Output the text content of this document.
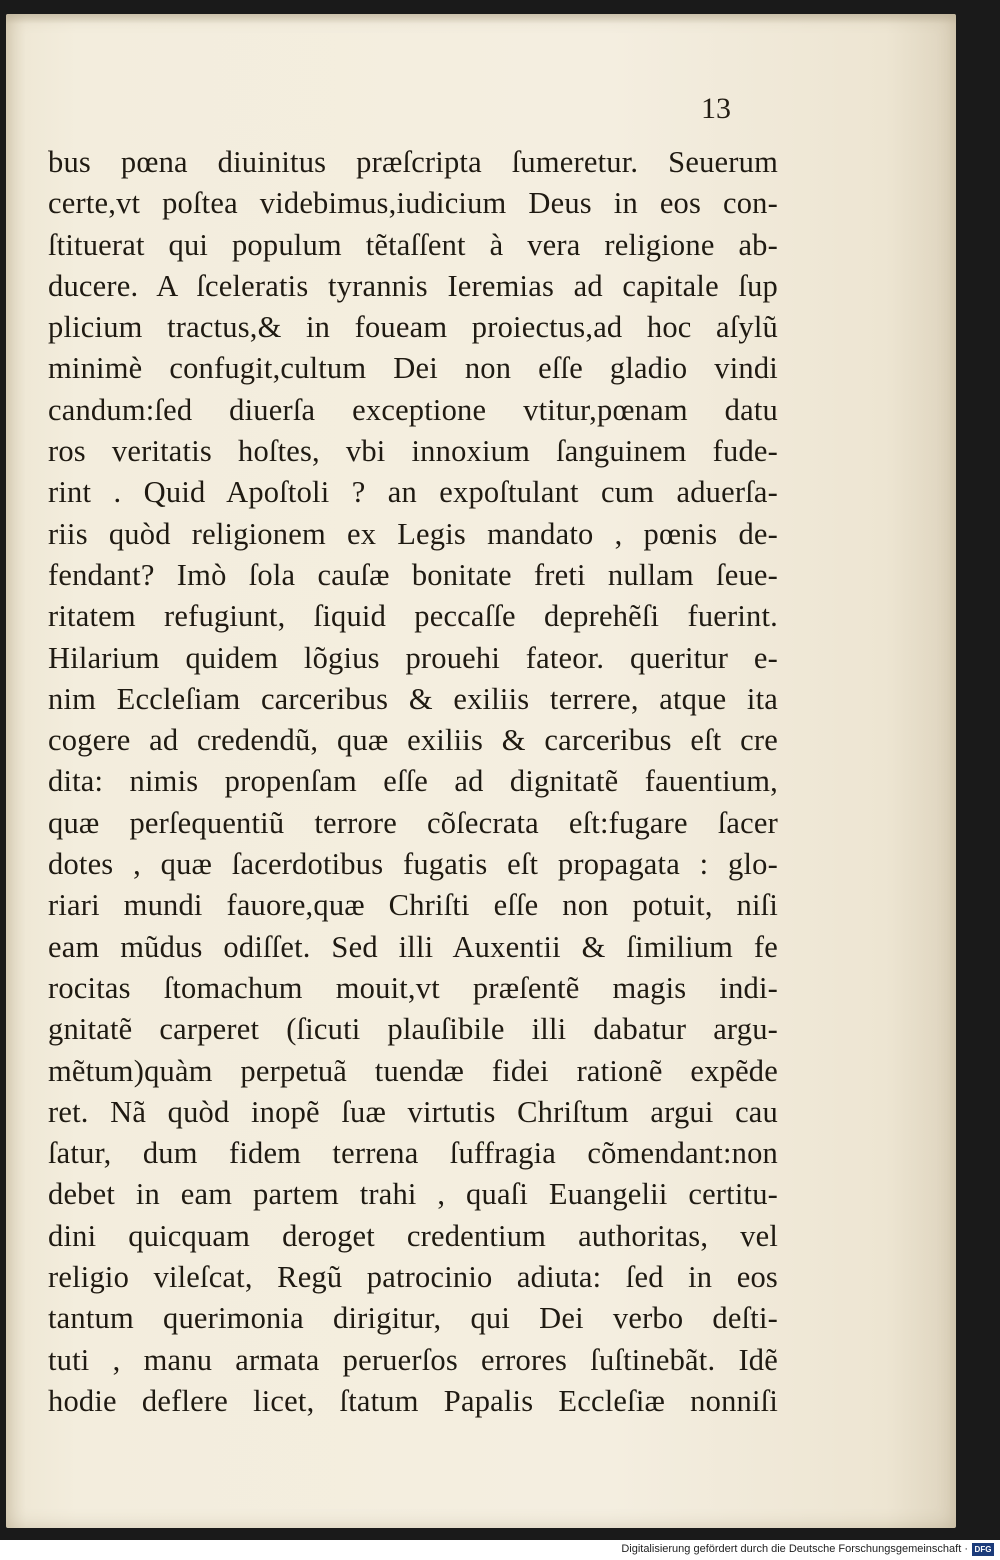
13
bus pœna diuinitus præſcripta ſumeretur. Seuerum
certe,vt poſtea videbimus,iudicium Deus in eos con-
ſtituerat qui populum tẽtaſſent à vera religione ab-
ducere. A ſceleratis tyrannis Ieremias ad capitale ſup
plicium tractus,& in foueam proiectus,ad hoc aſylũ
minimè confugit,cultum Dei non eſſe gladio vindi
candum:ſed diuerſa exceptione vtitur,pœnam datu
ros veritatis hoſtes, vbi innoxium ſanguinem fude-
rint . Quid Apoſtoli ? an expoſtulant cum aduerſa-
riis quòd religionem ex Legis mandato , pœnis de-
fendant? Imò ſola cauſæ bonitate freti nullam ſeue-
ritatem refugiunt, ſiquid peccaſſe deprehẽſi fuerint.
Hilarium quidem lõgius prouehi fateor. queritur e-
nim Eccleſiam carceribus & exiliis terrere, atque ita
cogere ad credendũ, quæ exiliis & carceribus eſt cre
dita: nimis propenſam eſſe ad dignitatẽ fauentium,
quæ perſequentiũ terrore cõſecrata eſt:fugare ſacer
dotes , quæ ſacerdotibus fugatis eſt propagata : glo-
riari mundi fauore,quæ Chriſti eſſe non potuit, niſi
eam mũdus odiſſet. Sed illi Auxentii & ſimilium fe
rocitas ſtomachum mouit,vt præſentẽ magis indi-
gnitatẽ carperet (ſicuti plauſibile illi dabatur argu-
mẽtum)quàm perpetuã tuendæ fidei rationẽ expẽde
ret. Nã quòd inopẽ ſuæ virtutis Chriſtum argui cau
ſatur, dum fidem terrena ſuffragia cõmendant:non
debet in eam partem trahi , quaſi Euangelii certitu-
dini quicquam deroget credentium authoritas, vel
religio vileſcat, Regũ patrocinio adiuta: ſed in eos
tantum querimonia dirigitur, qui Dei verbo deſti-
tuti , manu armata peruerſos errores ſuſtinebãt. Idẽ
hodie deflere licet, ſtatum Papalis Eccleſiæ nonniſi
Digitalisierung gefördert durch die Deutsche Forschungsgemeinschaft · DFG
